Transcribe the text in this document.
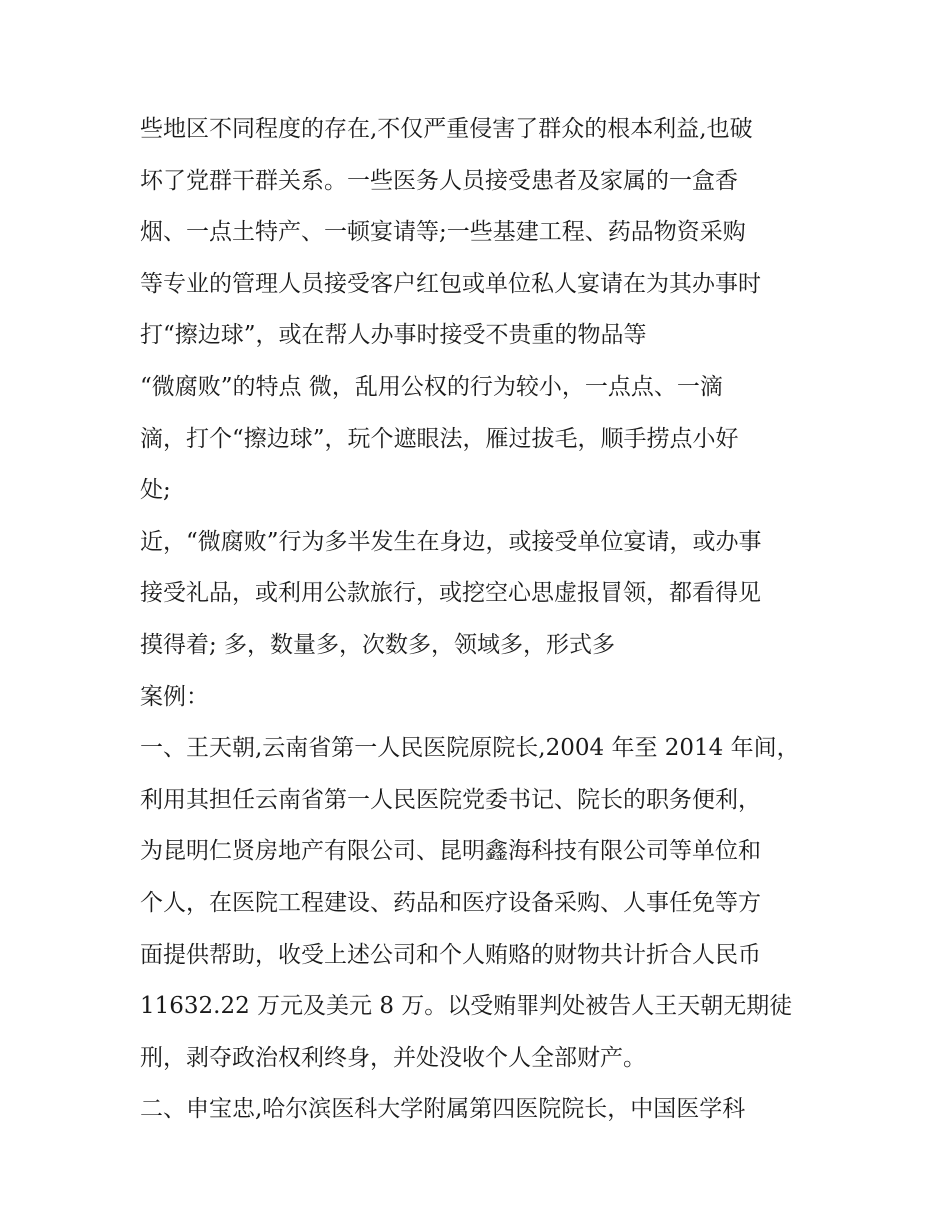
些地区不同程度的存在,不仅严重侵害了群众的根本利益,也破
坏了党群干群关系。一些医务人员接受患者及家属的一盒香
烟、一点土特产、一顿宴请等;一些基建工程、药品物资采购
等专业的管理人员接受客户红包或单位私人宴请在为其办事时
打“擦边球”，或在帮人办事时接受不贵重的物品等
“微腐败”的特点 微，乱用公权的行为较小，一点点、一滴
滴，打个“擦边球”，玩个遮眼法，雁过拔毛，顺手捞点小好
处;
近，“微腐败”行为多半发生在身边，或接受单位宴请，或办事
接受礼品，或利用公款旅行，或挖空心思虚报冒领，都看得见
摸得着; 多，数量多，次数多，领域多，形式多
案例：
一、王天朝,云南省第一人民医院原院长,2004 年至 2014 年间，
利用其担任云南省第一人民医院党委书记、院长的职务便利，
为昆明仁贤房地产有限公司、昆明鑫海科技有限公司等单位和
个人，在医院工程建设、药品和医疗设备采购、人事任免等方
面提供帮助，收受上述公司和个人贿赂的财物共计折合人民币
11632.22 万元及美元 8 万。以受贿罪判处被告人王天朝无期徒
刑，剥夺政治权利终身，并处没收个人全部财产。
二、申宝忠,哈尔滨医科大学附属第四医院院长，中国医学科
